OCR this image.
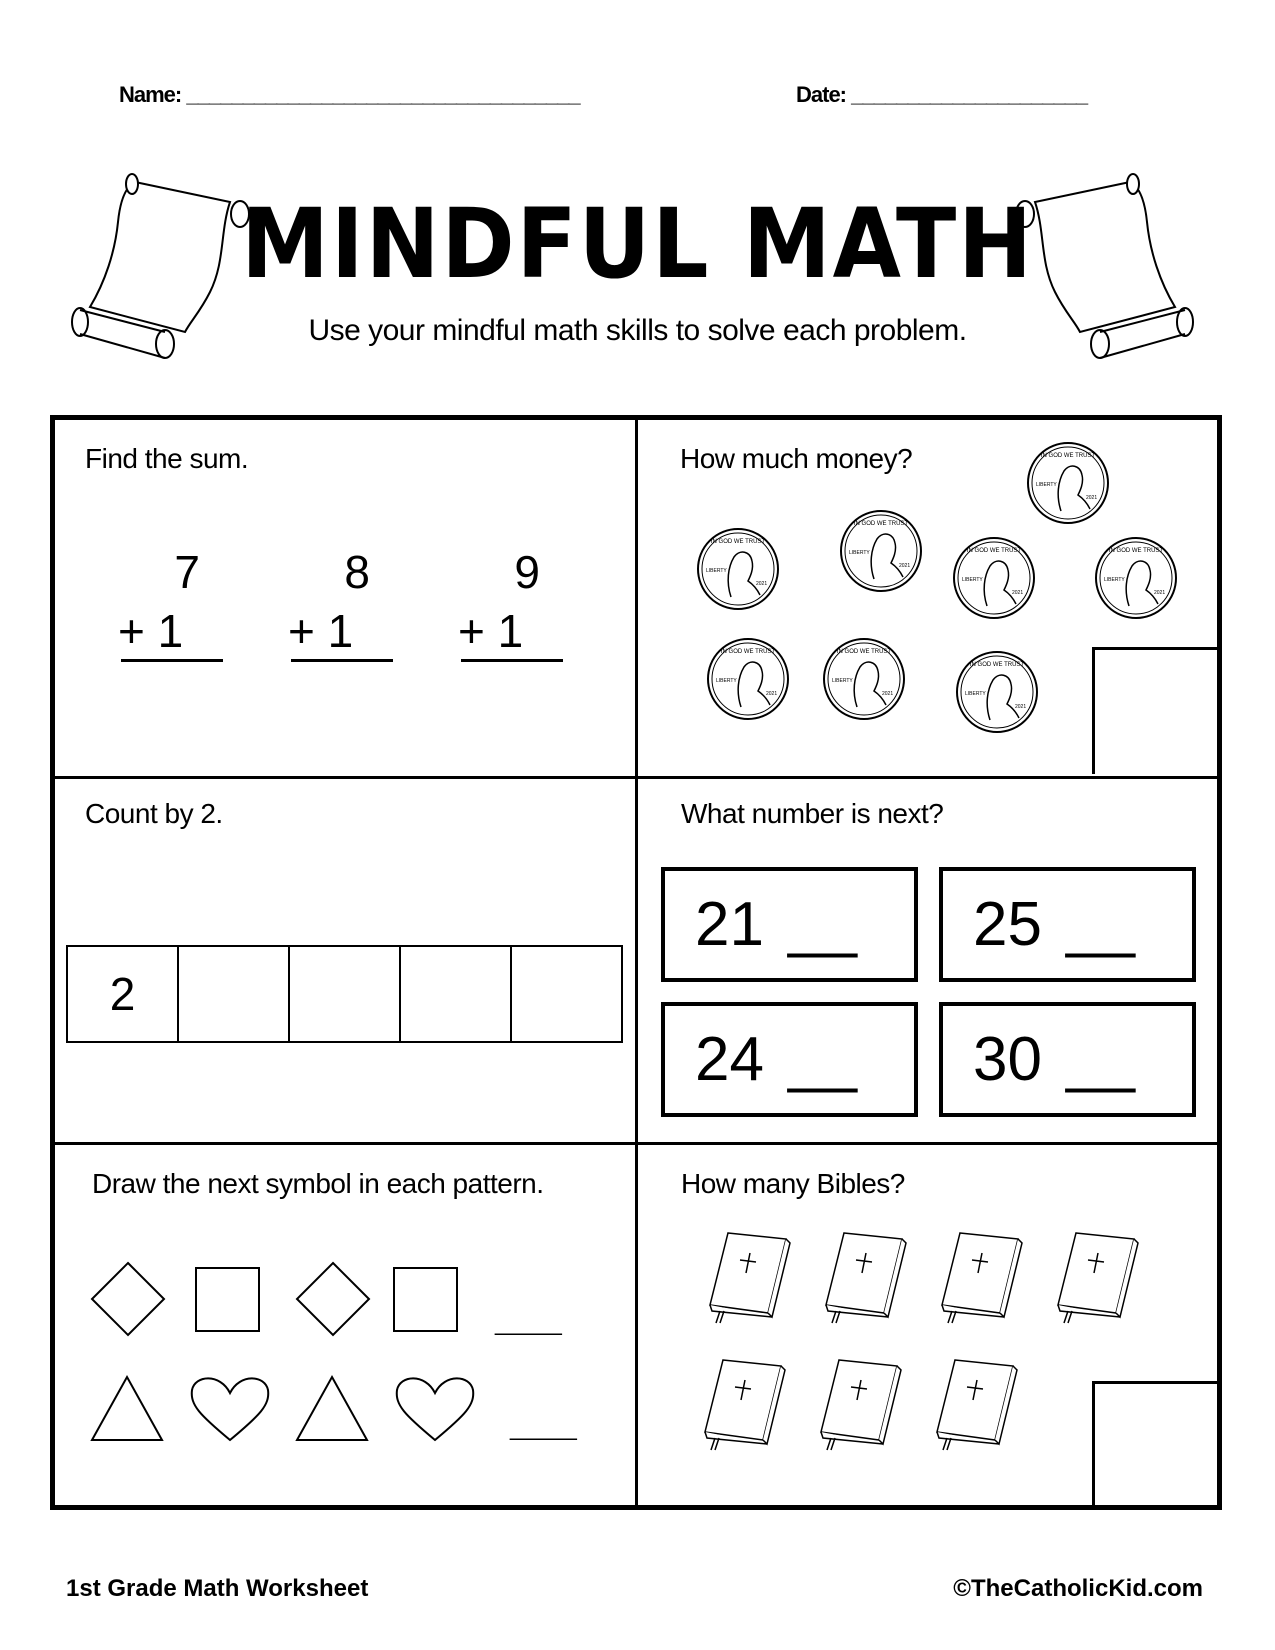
Name: ___________________________________	Date: _____________________
MINDFUL MATH
Use your mindful math skills to solve each problem.
Find the sum.
7
+ 1
8
+ 1
9
+ 1
How much money?
IN GOD WE TRUST
LIBERTY
2021
IN GOD WE TRUST
LIBERTY
2021
IN GOD WE TRUST
LIBERTY
2021
IN GOD WE TRUST
LIBERTY
2021
IN GOD WE TRUST
LIBERTY
2021
IN GOD WE TRUST
LIBERTY
2021
IN GOD WE TRUST
LIBERTY
2021
IN GOD WE TRUST
LIBERTY
2021
Count by 2.
2
What number is next?
21 __ 25 __
24 __ 30 __
Draw the next symbol in each pattern.
___
___
How many Bibles?
1st Grade Math Worksheet	©TheCatholicKid.com
